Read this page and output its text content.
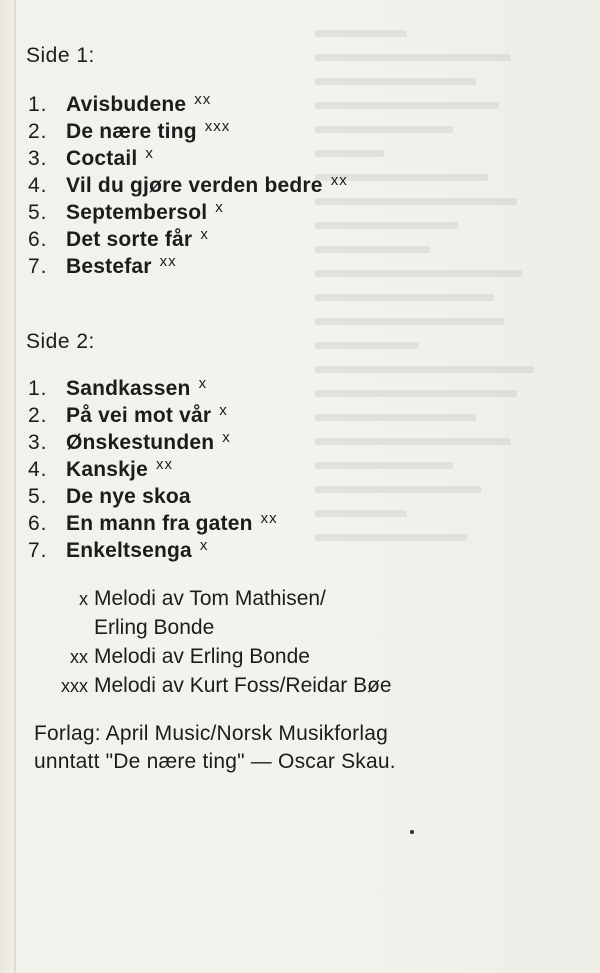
Side 1:
1. Avisbudene $^{xx}$
2. De nære ting $^{xxx}$
3. Coctail $^x$
4. Vil du gjøre verden bedre $^{xx}$
5. Septembersol $^x$
6. Det sorte får $^x$
7. Bestefar $^{xx}$
Side 2:
1. Sandkassen $^x$
2. På vei mot vår $^x$
3. Ønskestunden $^x$
4. Kanskje $^{xx}$
5. De nye skoa
6. En mann fra gaten $^{xx}$
7. Enkeltsenga $^x$
x Melodi av Tom Mathisen/
Erling Bonde
xx Melodi av Erling Bonde
xxx Melodi av Kurt Foss/Reidar Bøe
Forlag: April Music/Norsk Musikforlag
unntatt "De nære ting" — Oscar Skau.
